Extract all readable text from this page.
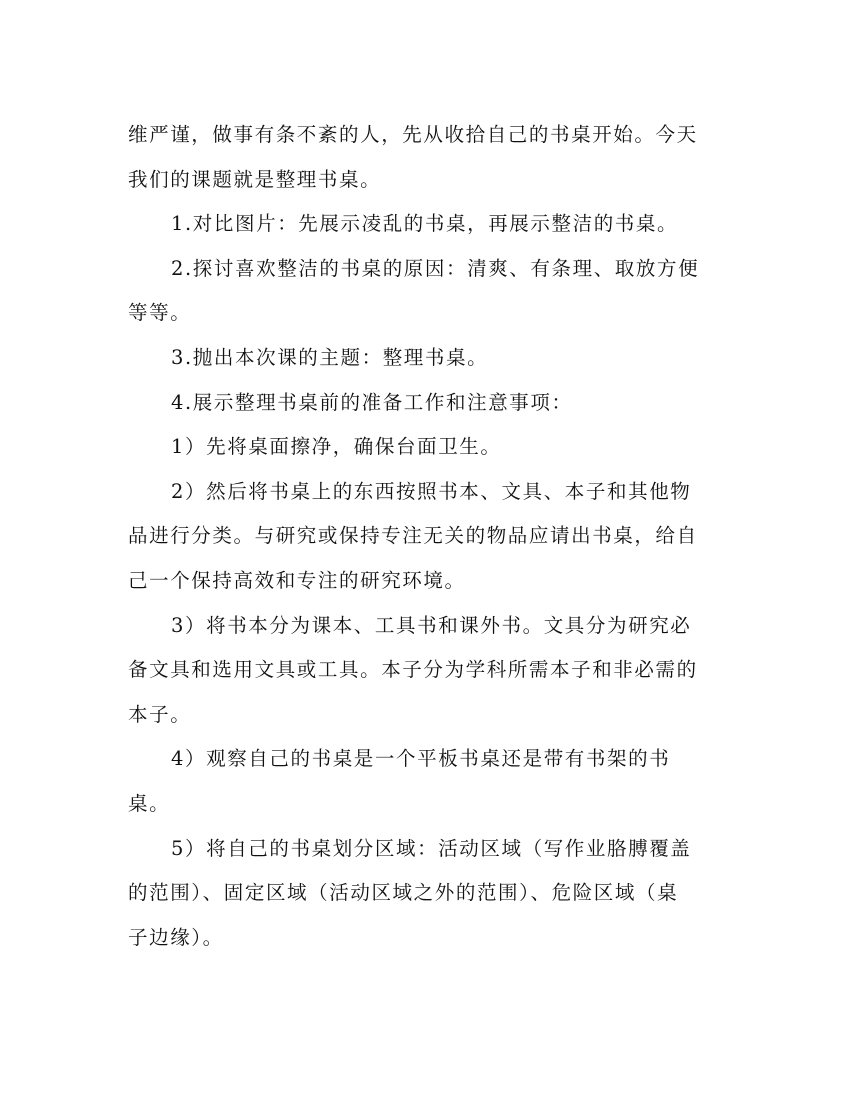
维严谨，做事有条不紊的人，先从收拾自己的书桌开始。今天
我们的课题就是整理书桌。
1.对比图片：先展示凌乱的书桌，再展示整洁的书桌。
2.探讨喜欢整洁的书桌的原因：清爽、有条理、取放方便
等等。
3.抛出本次课的主题：整理书桌。
4.展示整理书桌前的准备工作和注意事项：
1）先将桌面擦净，确保台面卫生。
2）然后将书桌上的东西按照书本、文具、本子和其他物
品进行分类。与研究或保持专注无关的物品应请出书桌，给自
己一个保持高效和专注的研究环境。
3）将书本分为课本、工具书和课外书。文具分为研究必
备文具和选用文具或工具。本子分为学科所需本子和非必需的
本子。
4）观察自己的书桌是一个平板书桌还是带有书架的书
桌。
5）将自己的书桌划分区域：活动区域（写作业胳膊覆盖
的范围）、固定区域（活动区域之外的范围）、危险区域（桌
子边缘）。
